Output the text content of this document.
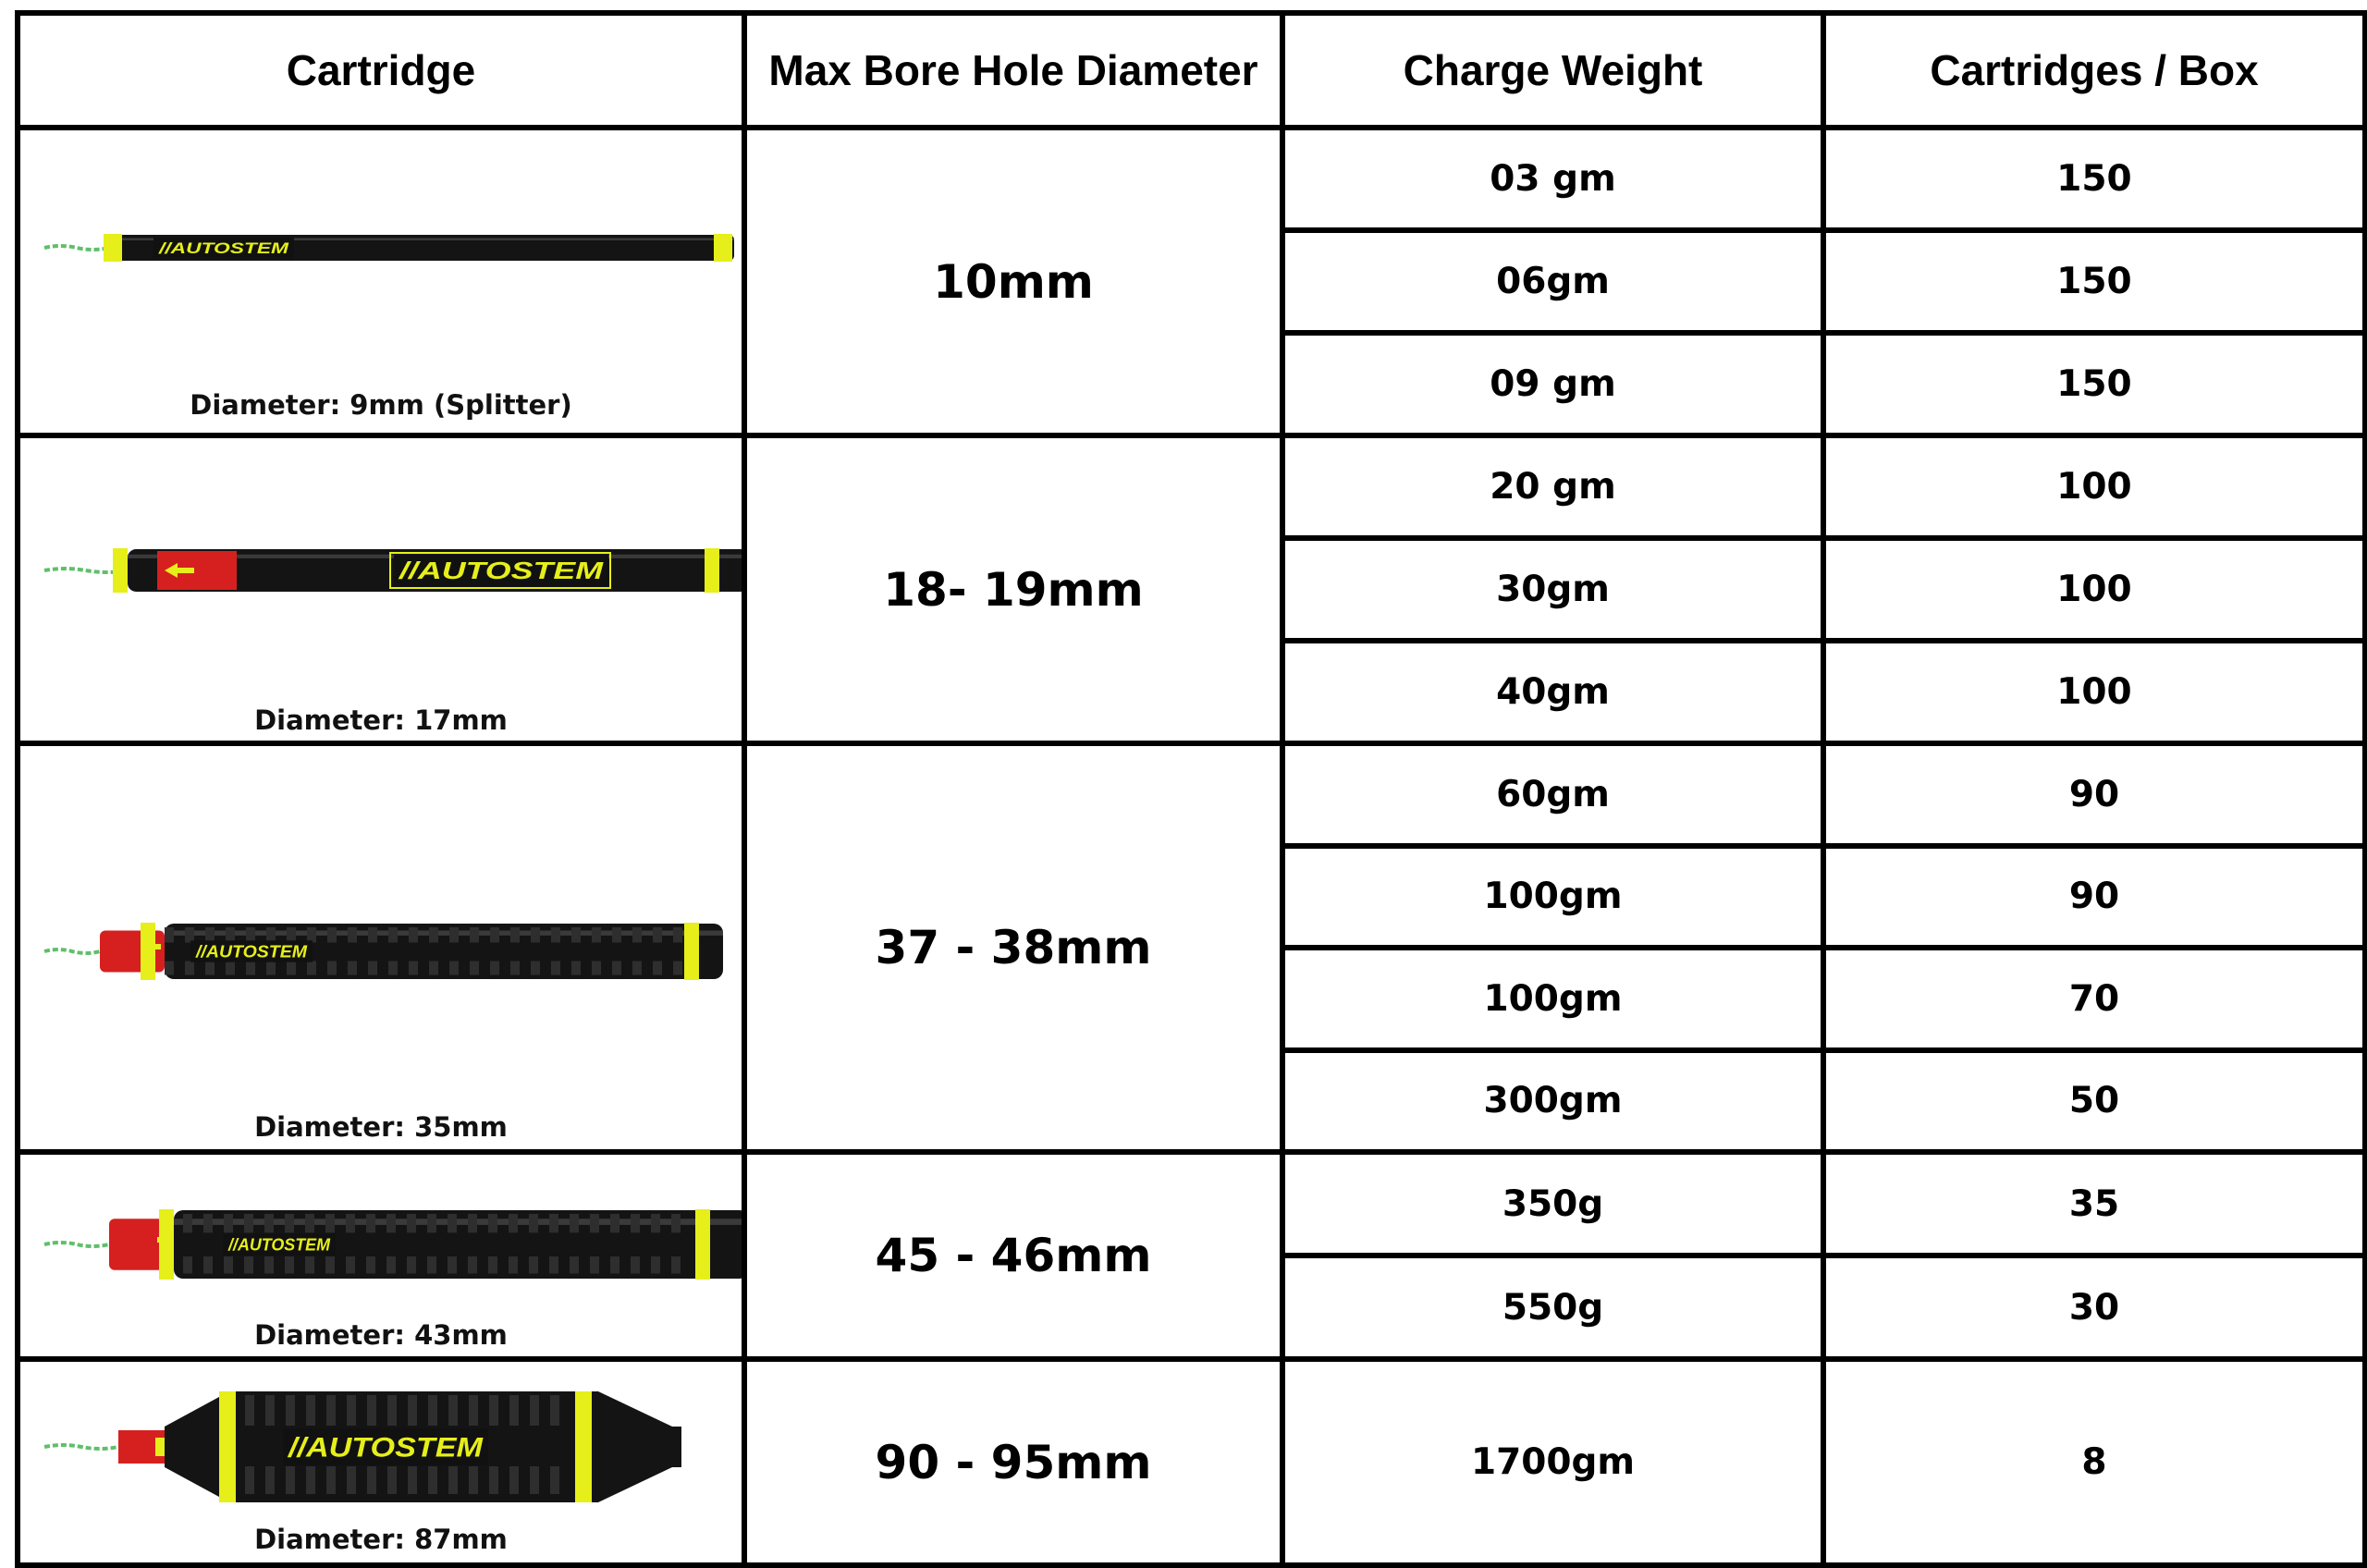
Cartridge	Max Bore Hole Diameter	Charge Weight	Cartridges / Box

//AUTOSTEM
Diameter: 9mm (Splitter)	10mm	03 gm	150
		06gm	150
		09 gm	150

//AUTOSTEM
Diameter: 17mm	18- 19mm	20 gm	100
		30gm	100
		40gm	100

//AUTOSTEM
Diameter: 35mm	37 - 38mm	60gm	90
		100gm	90
		100gm	70
		300gm	50

//AUTOSTEM
Diameter: 43mm	45 - 46mm	350g	35
		550g	30

//AUTOSTEM
Diameter: 87mm	90 - 95mm	1700gm	8
